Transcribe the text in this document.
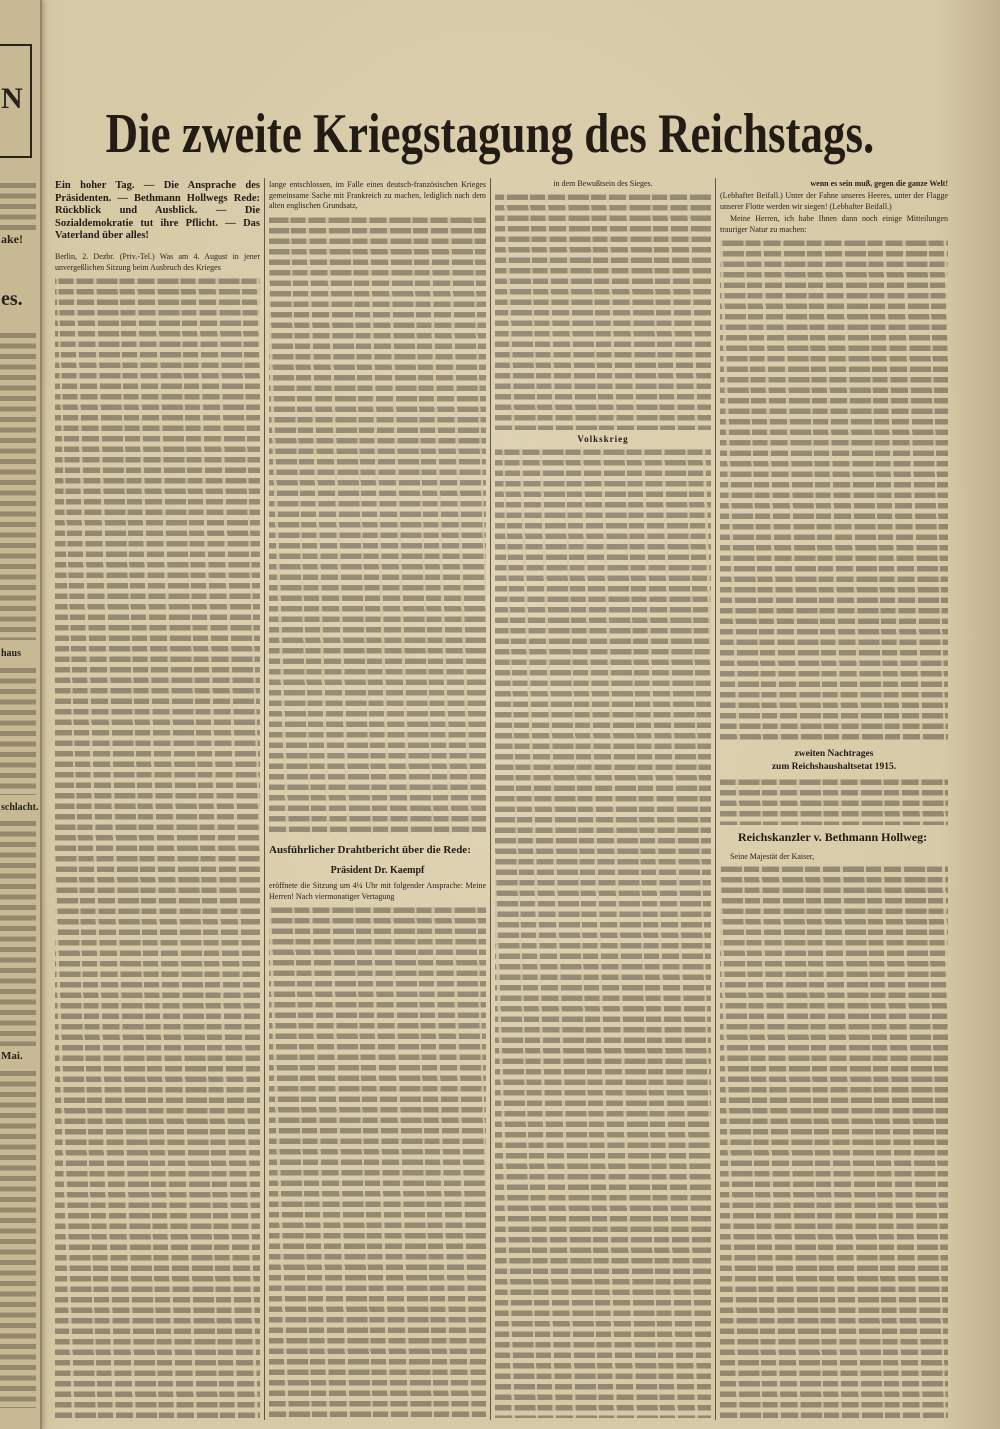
N
ake!
es.
haus
schlacht.
Mai.
Die zweite Kriegstagung des Reichstags.
Ein hoher Tag. — Die Ansprache des Präsidenten. — Bethmann Hollwegs Rede: Rückblick und Ausblick. — Die Sozialdemokratie tut ihre Pflicht. — Das Vaterland über alles!
Berlin, 2. Dezbr. (Priv.-Tel.) Was am 4. August in jener unvergeßlichen Sitzung beim Ausbruch des Krieges
lange entschlossen, im Falle eines deutsch-französischen Krieges gemeinsame Sache mit Frankreich zu machen, lediglich nach dem alten englischen Grundsatz,
Ausführlicher Drahtbericht über die Rede:
Präsident Dr. Kaempf
eröffnete die Sitzung um 4¼ Uhr mit folgender Ansprache: Meine Herren! Nach viermonatiger Vertagung
in dem Bewußtsein des Sieges.
Volkskrieg
wenn es sein muß, gegen die ganze Welt!
(Lebhafter Beifall.) Unter der Fahne unseres Heeres, unter der Flagge unserer Flotte werden wir siegen! (Lebhafter Beifall.)
Meine Herren, ich habe Ihnen dann noch einige Mitteilungen trauriger Natur zu machen:
zweiten Nachtrages
zum Reichshaushaltsetat 1915.
Reichskanzler v. Bethmann Hollweg:
Seine Majestät der Kaiser,
